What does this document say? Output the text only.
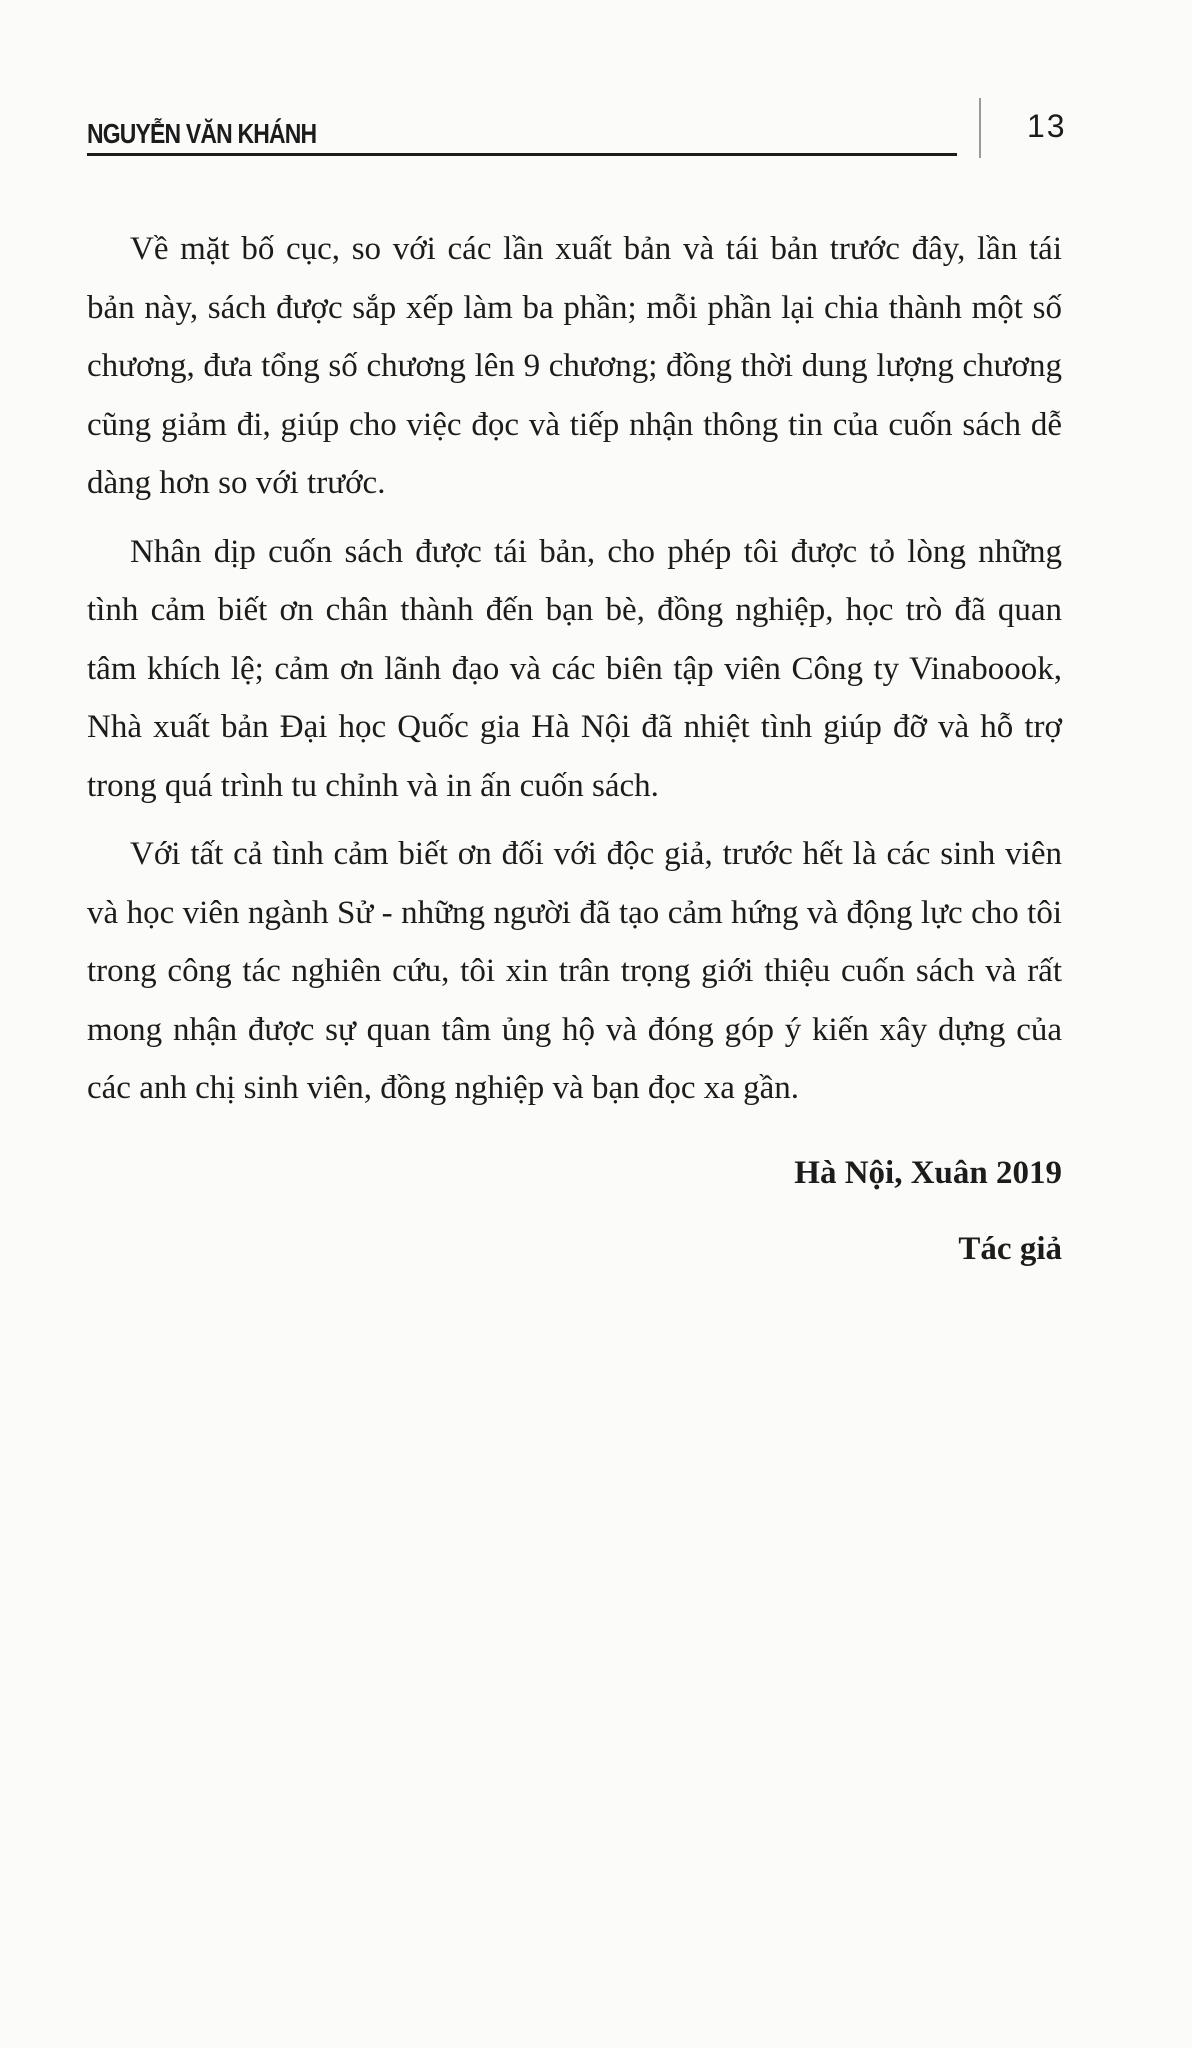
NGUYỄN VĂN KHÁNH	13

Về mặt bố cục, so với các lần xuất bản và tái bản trước đây, lần tái bản này, sách được sắp xếp làm ba phần; mỗi phần lại chia thành một số chương, đưa tổng số chương lên 9 chương; đồng thời dung lượng chương cũng giảm đi, giúp cho việc đọc và tiếp nhận thông tin của cuốn sách dễ dàng hơn so với trước.

Nhân dịp cuốn sách được tái bản, cho phép tôi được tỏ lòng những tình cảm biết ơn chân thành đến bạn bè, đồng nghiệp, học trò đã quan tâm khích lệ; cảm ơn lãnh đạo và các biên tập viên Công ty Vinaboook, Nhà xuất bản Đại học Quốc gia Hà Nội đã nhiệt tình giúp đỡ và hỗ trợ trong quá trình tu chỉnh và in ấn cuốn sách.

Với tất cả tình cảm biết ơn đối với độc giả, trước hết là các sinh viên và học viên ngành Sử - những người đã tạo cảm hứng và động lực cho tôi trong công tác nghiên cứu, tôi xin trân trọng giới thiệu cuốn sách và rất mong nhận được sự quan tâm ủng hộ và đóng góp ý kiến xây dựng của các anh chị sinh viên, đồng nghiệp và bạn đọc xa gần.

Hà Nội, Xuân 2019
Tác giả
